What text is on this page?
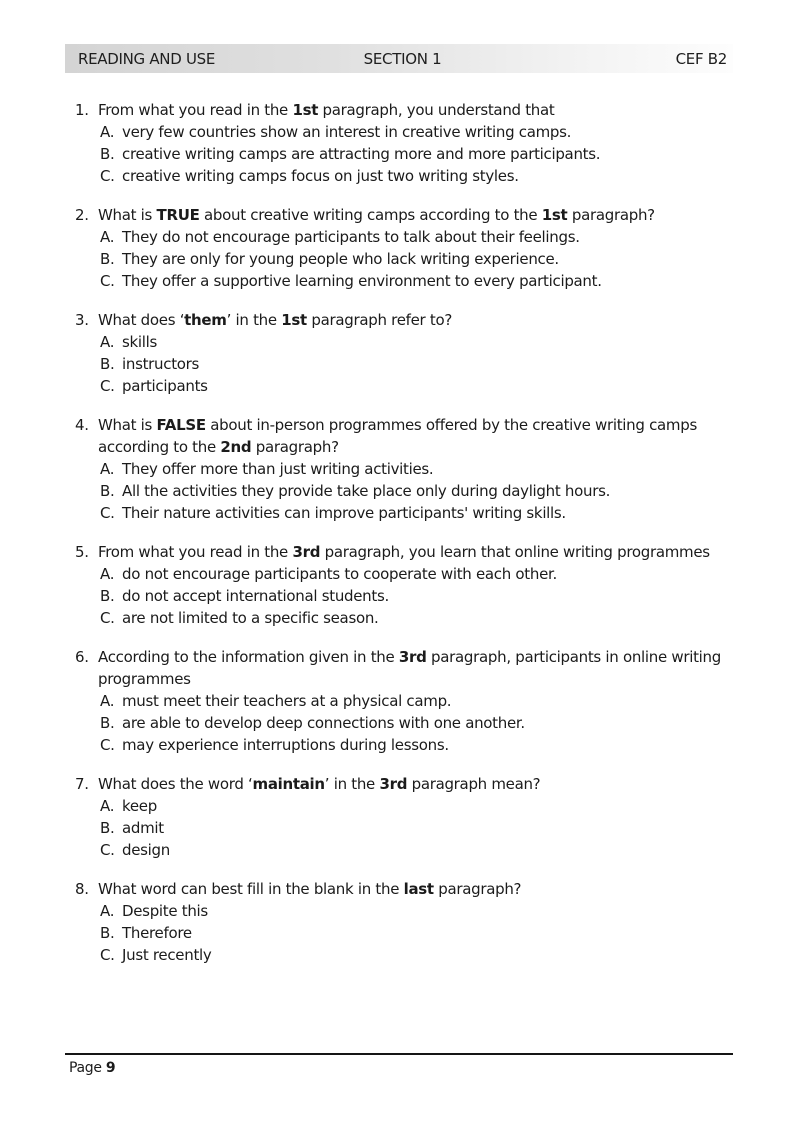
READING AND USE	SECTION 1	CEF B2
1. From what you read in the 1st paragraph, you understand that
A. very few countries show an interest in creative writing camps.
B. creative writing camps are attracting more and more participants.
C. creative writing camps focus on just two writing styles.
2. What is TRUE about creative writing camps according to the 1st paragraph?
A. They do not encourage participants to talk about their feelings.
B. They are only for young people who lack writing experience.
C. They offer a supportive learning environment to every participant.
3. What does ‘them’ in the 1st paragraph refer to?
A. skills
B. instructors
C. participants
4. What is FALSE about in-person programmes offered by the creative writing camps according to the 2nd paragraph?
A. They offer more than just writing activities.
B. All the activities they provide take place only during daylight hours.
C. Their nature activities can improve participants' writing skills.
5. From what you read in the 3rd paragraph, you learn that online writing programmes
A. do not encourage participants to cooperate with each other.
B. do not accept international students.
C. are not limited to a specific season.
6. According to the information given in the 3rd paragraph, participants in online writing programmes
A. must meet their teachers at a physical camp.
B. are able to develop deep connections with one another.
C. may experience interruptions during lessons.
7. What does the word ‘maintain’ in the 3rd paragraph mean?
A. keep
B. admit
C. design
8. What word can best fill in the blank in the last paragraph?
A. Despite this
B. Therefore
C. Just recently
Page 9
